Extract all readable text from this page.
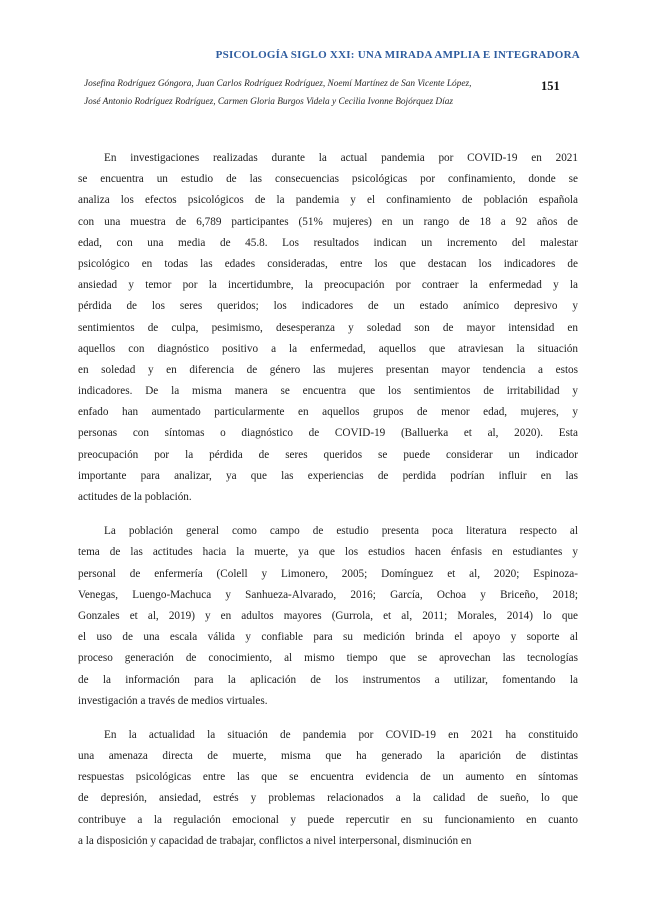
PSICOLOGÍA SIGLO XXI: UNA MIRADA AMPLIA E INTEGRADORA
Josefina Rodríguez Góngora, Juan Carlos Rodríguez Rodríguez, Noemí Martínez de San Vicente López,
José Antonio Rodríguez Rodríguez, Carmen Gloria Burgos Videla y Cecilia Ivonne Bojórquez Díaz
151
En investigaciones realizadas durante la actual pandemia por COVID-19 en 2021
se encuentra un estudio de las consecuencias psicológicas por confinamiento, donde se
analiza los efectos psicológicos de la pandemia y el confinamiento de población española
con una muestra de 6,789 participantes (51% mujeres) en un rango de 18 a 92 años de
edad, con una media de 45.8. Los resultados indican un incremento del malestar
psicológico en todas las edades consideradas, entre los que destacan los indicadores de
ansiedad y temor por la incertidumbre, la preocupación por contraer la enfermedad y la
pérdida de los seres queridos; los indicadores de un estado anímico depresivo y
sentimientos de culpa, pesimismo, desesperanza y soledad son de mayor intensidad en
aquellos con diagnóstico positivo a la enfermedad, aquellos que atraviesan la situación
en soledad y en diferencia de género las mujeres presentan mayor tendencia a estos
indicadores. De la misma manera se encuentra que los sentimientos de irritabilidad y
enfado han aumentado particularmente en aquellos grupos de menor edad, mujeres, y
personas con síntomas o diagnóstico de COVID-19 (Balluerka et al, 2020). Esta
preocupación por la pérdida de seres queridos se puede considerar un indicador
importante para analizar, ya que las experiencias de perdida podrían influir en las
actitudes de la población.
La población general como campo de estudio presenta poca literatura respecto al
tema de las actitudes hacia la muerte, ya que los estudios hacen énfasis en estudiantes y
personal de enfermería (Colell y Limonero, 2005; Domínguez et al, 2020; Espinoza-
Venegas, Luengo-Machuca y Sanhueza-Alvarado, 2016; García, Ochoa y Briceño, 2018;
Gonzales et al, 2019) y en adultos mayores (Gurrola, et al, 2011; Morales, 2014) lo que
el uso de una escala válida y confiable para su medición brinda el apoyo y soporte al
proceso generación de conocimiento, al mismo tiempo que se aprovechan las tecnologías
de la información para la aplicación de los instrumentos a utilizar, fomentando la
investigación a través de medios virtuales.
En la actualidad la situación de pandemia por COVID-19 en 2021 ha constituido
una amenaza directa de muerte, misma que ha generado la aparición de distintas
respuestas psicológicas entre las que se encuentra evidencia de un aumento en síntomas
de depresión, ansiedad, estrés y problemas relacionados a la calidad de sueño, lo que
contribuye a la regulación emocional y puede repercutir en su funcionamiento en cuanto
a la disposición y capacidad de trabajar, conflictos a nivel interpersonal, disminución en
